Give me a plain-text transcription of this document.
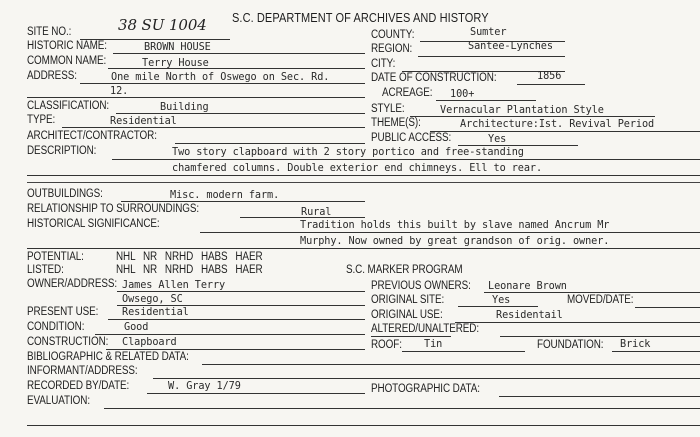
S.C. DEPARTMENT OF ARCHIVES AND HISTORY
SITE NO.:	38 SU 1004
HISTORIC NAME:	BROWN HOUSE
COMMON NAME:	Terry House
ADDRESS:	One mile North of Oswego on Sec. Rd.
12.
CLASSIFICATION:	Building
TYPE:	Residential
ARCHITECT/CONTRACTOR:
DESCRIPTION:	Two story clapboard with 2 story portico and free-standing
chamfered columns. Double exterior end chimneys. Ell to rear.
COUNTY:	Sumter
REGION:	Santee-Lynches
CITY:
DATE OF CONSTRUCTION:	1856
ACREAGE: 100+
STYLE:	Vernacular Plantation Style
THEME(S):	Architecture:Ist. Revival Period
PUBLIC ACCESS:	Yes
OUTBUILDINGS:	Misc. modern farm.
RELATIONSHIP TO SURROUNDINGS:	Rural
HISTORICAL SIGNIFICANCE:	Tradition holds this built by slave named Ancrum Mr
Murphy. Now owned by great grandson of orig. owner.
POTENTIAL:	NHL NR NRHD HABS HAER
LISTED:	NHL NR NRHD HABS HAER	S.C. MARKER PROGRAM
OWNER/ADDRESS: James Allen Terry
Owsego, SC
PREVIOUS OWNERS: Leonare Brown
ORIGINAL SITE:	Yes	MOVED/DATE:
PRESENT USE: Residential	ORIGINAL USE:	Residentail
CONDITION:	Good	ALTERED/UNALTERED:
CONSTRUCTION: Clapboard	ROOF: Tin	FOUNDATION: Brick
BIBLIOGRAPHIC & RELATED DATA:
INFORMANT/ADDRESS:
RECORDED BY/DATE:	W. Gray 1/79	PHOTOGRAPHIC DATA:
EVALUATION:
